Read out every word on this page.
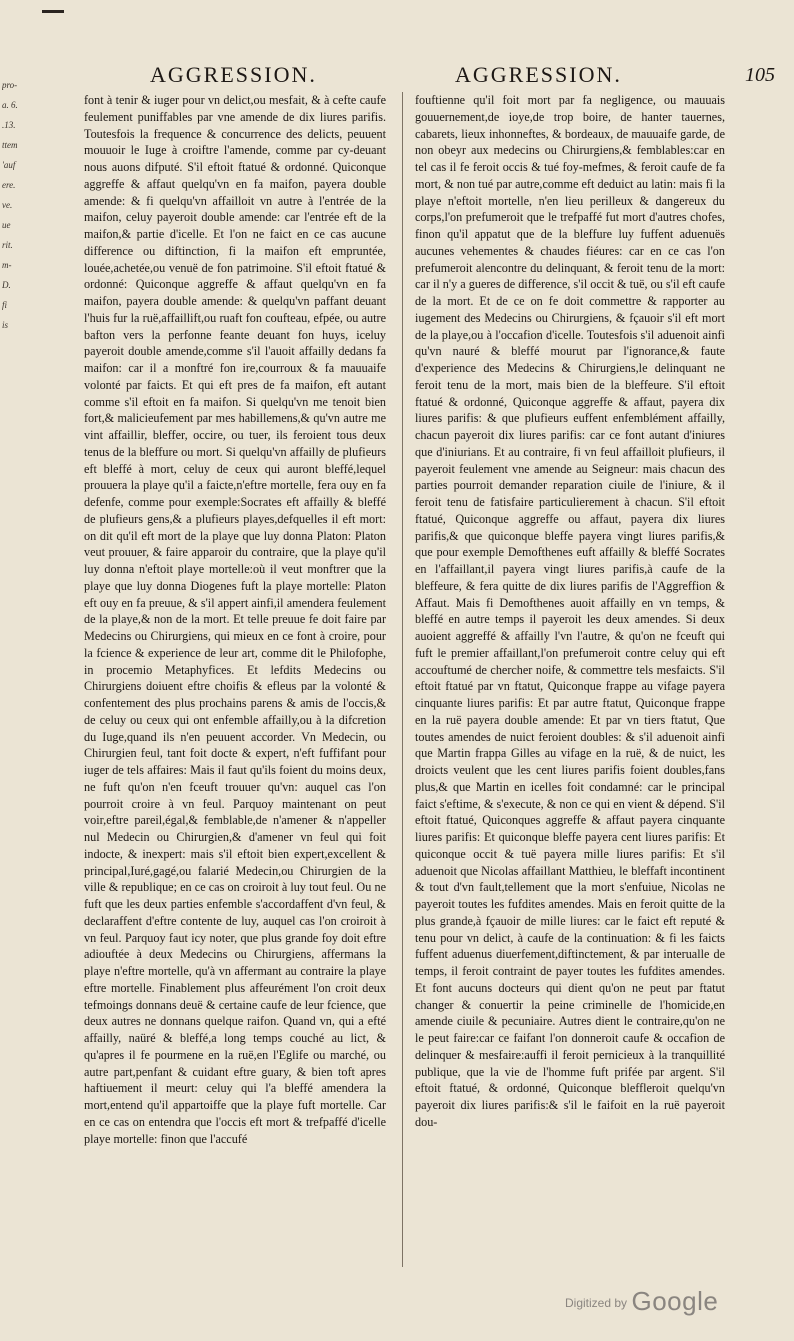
pro-
a. 6.
.13.
ttem
'auf
ere.
ve.
ue
rit.
m-
D.
fi
is
AGGRESSION.	AGGRESSION.	105

font à tenir & iuger pour vn delict,ou mesfait, & à cefte caufe feulement puniffables par vne amende de dix liures parifis. Toutesfois la frequence & concurrence des delicts, peuuent mouuoir le Iuge à croiftre l'amende, comme par cy-deuant nous auons difputé. S'il eftoit ftatué & ordonné. Quiconque aggreffe & affaut quelqu'vn en fa maifon, payera double amende: & fi quelqu'vn affailloit vn autre à l'entrée de la maifon, celuy payeroit double amende: car l'entrée eft de la maifon,& partie d'icelle. Et l'on ne faict en ce cas aucune difference ou diftinction, fi la maifon eft empruntée, louée,achetée,ou venuë de fon patrimoine. S'il eftoit ftatué & ordonné: Quiconque aggreffe & affaut quelqu'vn en fa maifon, payera double amende: & quelqu'vn paffant deuant l'huis fur la ruë,affaillift,ou ruaft fon coufteau, efpée, ou autre bafton vers la perfonne feante deuant fon huys, iceluy payeroit double amende,comme s'il l'auoit affailly dedans fa maifon: car il a monftré fon ire,courroux & fa mauuaife volonté par faicts. Et qui eft pres de fa maifon, eft autant comme s'il eftoit en fa maifon. Si quelqu'vn me tenoit bien fort,& malicieufement par mes habillemens,& qu'vn autre me vint affaillir, bleffer, occire, ou tuer, ils feroient tous deux tenus de la bleffure ou mort. Si quelqu'vn affailly de plufieurs eft bleffé à mort, celuy de ceux qui auront bleffé,lequel prouuera la playe qu'il a faicte,n'eftre mortelle, fera ouy en fa defenfe, comme pour exemple:Socrates eft affailly & bleffé de plufieurs gens,& a plufieurs playes,defquelles il eft mort: on dit qu'il eft mort de la playe que luy donna Platon: Platon veut prouuer, & faire apparoir du contraire, que la playe qu'il luy donna n'eftoit playe mortelle:où il veut monftrer que la playe que luy donna Diogenes fuft la playe mortelle: Platon eft ouy en fa preuue, & s'il appert ainfi,il amendera feulement de la playe,& non de la mort. Et telle preuue fe doit faire par Medecins ou Chirurgiens, qui mieux en ce font à croire, pour la fcience & experience de leur art, comme dit le Philofophe, in procemio Metaphyfices. Et lefdits Medecins ou Chirurgiens doiuent eftre choifis & efleus par la volonté & confentement des plus prochains parens & amis de l'occis,& de celuy ou ceux qui ont enfemble affailly,ou à la difcretion du Iuge,quand ils n'en peuuent accorder. Vn Medecin, ou Chirurgien feul, tant foit docte & expert, n'eft fuffifant pour iuger de tels affaires: Mais il faut qu'ils foient du moins deux, ne fuft qu'on n'en fceuft trouuer qu'vn: auquel cas l'on pourroit croire à vn feul. Parquoy maintenant on peut voir,eftre pareil,égal,& femblable,de n'amener & n'appeller nul Medecin ou Chirurgien,& d'amener vn feul qui foit indocte, & inexpert: mais s'il eftoit bien expert,excellent & principal,Iuré,gagé,ou falarié Medecin,ou Chirurgien de la ville & republique; en ce cas on croiroit à luy tout feul. Ou ne fuft que les deux parties enfemble s'accordaffent d'vn feul, & declaraffent d'eftre contente de luy, auquel cas l'on croiroit à vn feul. Parquoy faut icy noter, que plus grande foy doit eftre adiouftée à deux Medecins ou Chirurgiens, affermans la playe n'eftre mortelle, qu'à vn affermant au contraire la playe eftre mortelle. Finablement plus affeurément l'on croit deux tefmoings donnans deuë & certaine caufe de leur fcience, que deux autres ne donnans quelque raifon. Quand vn, qui a efté affailly, naüré & bleffé,a long temps couché au lict, & qu'apres il fe pourmene en la ruë,en l'Eglife ou marché, ou autre part,penfant & cuidant eftre guary, & bien toft apres haftiuement il meurt: celuy qui l'a bleffé amendera la mort,entend qu'il appartoiffe que la playe fuft mortelle. Car en ce cas on entendra que l'occis eft mort & trefpaffé d'icelle playe mortelle: finon que l'accufé

fouftienne qu'il foit mort par fa negligence, ou mauuais gouuernement,de ioye,de trop boire, de hanter tauernes, cabarets, lieux inhonneftes, & bordeaux, de mauuaife garde, de non obeyr aux medecins ou Chirurgiens,& femblables:car en tel cas il fe feroit occis & tué foy-mefmes, & feroit caufe de fa mort, & non tué par autre,comme eft deduict au latin: mais fi la playe n'eftoit mortelle, n'en lieu perilleux & dangereux du corps,l'on prefumeroit que le trefpaffé fut mort d'autres chofes, finon qu'il appatut que de la bleffure luy fuffent aduenuës aucunes vehementes & chaudes fiéures: car en ce cas l'on prefumeroit alencontre du delinquant, & feroit tenu de la mort: car il n'y a gueres de difference, s'il occit & tuë, ou s'il eft caufe de la mort. Et de ce on fe doit commettre & rapporter au iugement des Medecins ou Chirurgiens, & fçauoir s'il eft mort de la playe,ou à l'occafion d'icelle. Toutesfois s'il aduenoit ainfi qu'vn nauré & bleffé mourut par l'ignorance,& faute d'experience des Medecins & Chirurgiens,le delinquant ne feroit tenu de la mort, mais bien de la bleffeure. S'il eftoit ftatué & ordonné, Quiconque aggreffe & affaut, payera dix liures parifis: & que plufieurs euffent enfemblément affailly, chacun payeroit dix liures parifis: car ce font autant d'iniures que d'iniurians. Et au contraire, fi vn feul affailloit plufieurs, il payeroit feulement vne amende au Seigneur: mais chacun des parties pourroit demander reparation ciuile de l'iniure, & il feroit tenu de fatisfaire particulierement à chacun. S'il eftoit ftatué, Quiconque aggreffe ou affaut, payera dix liures parifis,& que quiconque bleffe payera vingt liures parifis,& que pour exemple Demofthenes euft affailly & bleffé Socrates en l'affaillant,il payera vingt liures parifis,à caufe de la bleffeure, & fera quitte de dix liures parifis de l'Aggreffion & Affaut. Mais fi Demofthenes auoit affailly en vn temps, & bleffé en autre temps il payeroit les deux amendes. Si deux auoient aggreffé & affailly l'vn l'autre, & qu'on ne fceuft qui fuft le premier affaillant,l'on prefumeroit contre celuy qui eft accouftumé de chercher noife, & commettre tels mesfaicts. S'il eftoit ftatué par vn ftatut, Quiconque frappe au vifage payera cinquante liures parifis: Et par autre ftatut, Quiconque frappe en la ruë payera double amende: Et par vn tiers ftatut, Que toutes amendes de nuict feroient doubles: & s'il aduenoit ainfi que Martin frappa Gilles au vifage en la ruë, & de nuict, les droicts veulent que les cent liures parifis foient doubles,fans plus,& que Martin en icelles foit condamné: car le principal faict s'eftime, & s'execute, & non ce qui en vient & dépend. S'il eftoit ftatué, Quiconques aggreffe & affaut payera cinquante liures parifis: Et quiconque bleffe payera cent liures parifis: Et quiconque occit & tuë payera mille liures parifis: Et s'il aduenoit que Nicolas affaillant Matthieu, le bleffaft incontinent & tout d'vn fault,tellement que la mort s'enfuiue, Nicolas ne payeroit toutes les fufdites amendes. Mais en feroit quitte de la plus grande,à fçauoir de mille liures: car le faict eft reputé & tenu pour vn delict, à caufe de la continuation: & fi les faicts fuffent aduenus diuerfement,diftinctement, & par interualle de temps, il feroit contraint de payer toutes les fufdites amendes. Et font aucuns docteurs qui dient qu'on ne peut par ftatut changer & conuertir la peine criminelle de l'homicide,en amende ciuile & pecuniaire. Autres dient le contraire,qu'on ne le peut faire:car ce faifant l'on donneroit caufe & occafion de delinquer & mesfaire:auffi il feroit pernicieux à la tranquillité publique, que la vie de l'homme fuft prifée par argent. S'il eftoit ftatué, & ordonné, Quiconque bleffleroit quelqu'vn payeroit dix liures parifis:& s'il le faifoit en la ruë payeroit dou-

Digitized by Google
